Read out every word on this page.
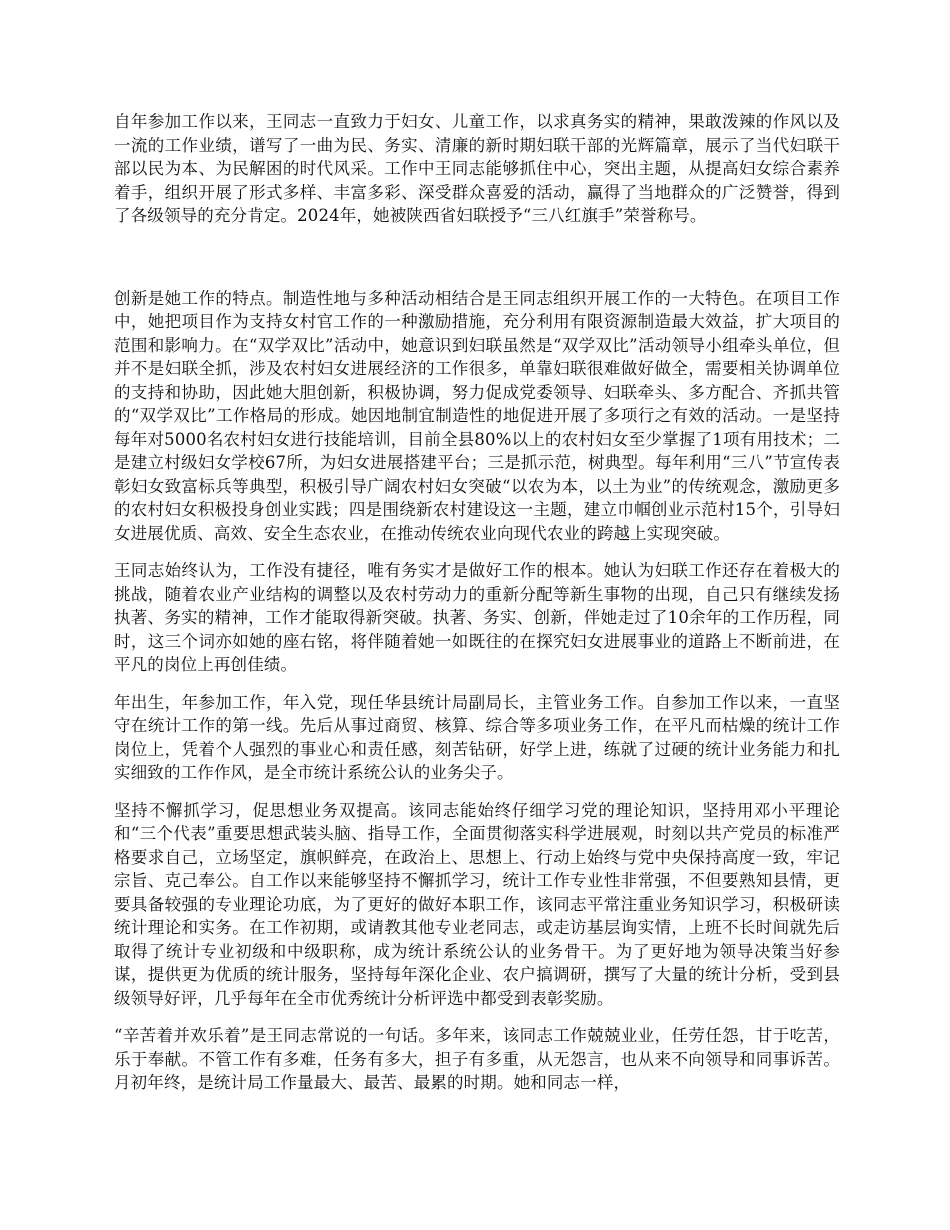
自年参加工作以来，王同志一直致力于妇女、儿童工作，以求真务实的精神，果敢泼辣的作风以及一流的工作业绩，谱写了一曲为民、务实、清廉的新时期妇联干部的光辉篇章，展示了当代妇联干部以民为本、为民解困的时代风采。工作中王同志能够抓住中心，突出主题，从提高妇女综合素养着手，组织开展了形式多样、丰富多彩、深受群众喜爱的活动，赢得了当地群众的广泛赞誉，得到了各级领导的充分肯定。2024年，她被陕西省妇联授予“三八红旗手”荣誉称号。

创新是她工作的特点。制造性地与多种活动相结合是王同志组织开展工作的一大特色。在项目工作中，她把项目作为支持女村官工作的一种激励措施，充分利用有限资源制造最大效益，扩大项目的范围和影响力。在“双学双比”活动中，她意识到妇联虽然是“双学双比”活动领导小组牵头单位，但并不是妇联全抓，涉及农村妇女进展经济的工作很多，单靠妇联很难做好做全，需要相关协调单位的支持和协助，因此她大胆创新，积极协调，努力促成党委领导、妇联牵头、多方配合、齐抓共管的“双学双比”工作格局的形成。她因地制宜制造性的地促进开展了多项行之有效的活动。一是坚持每年对5000名农村妇女进行技能培训，目前全县80%以上的农村妇女至少掌握了1项有用技术；二是建立村级妇女学校67所，为妇女进展搭建平台；三是抓示范，树典型。每年利用“三八”节宣传表彰妇女致富标兵等典型，积极引导广阔农村妇女突破“以农为本，以土为业”的传统观念，激励更多的农村妇女积极投身创业实践；四是围绕新农村建设这一主题，建立巾帼创业示范村15个，引导妇女进展优质、高效、安全生态农业，在推动传统农业向现代农业的跨越上实现突破。

王同志始终认为，工作没有捷径，唯有务实才是做好工作的根本。她认为妇联工作还存在着极大的挑战，随着农业产业结构的调整以及农村劳动力的重新分配等新生事物的出现，自己只有继续发扬执著、务实的精神，工作才能取得新突破。执著、务实、创新，伴她走过了10余年的工作历程，同时，这三个词亦如她的座右铭，将伴随着她一如既往的在探究妇女进展事业的道路上不断前进，在平凡的岗位上再创佳绩。

年出生，年参加工作，年入党，现任华县统计局副局长，主管业务工作。自参加工作以来，一直坚守在统计工作的第一线。先后从事过商贸、核算、综合等多项业务工作，在平凡而枯燥的统计工作岗位上，凭着个人强烈的事业心和责任感，刻苦钻研，好学上进，练就了过硬的统计业务能力和扎实细致的工作作风，是全市统计系统公认的业务尖子。

坚持不懈抓学习，促思想业务双提高。该同志能始终仔细学习党的理论知识，坚持用邓小平理论和“三个代表”重要思想武装头脑、指导工作，全面贯彻落实科学进展观，时刻以共产党员的标准严格要求自己，立场坚定，旗帜鲜亮，在政治上、思想上、行动上始终与党中央保持高度一致，牢记宗旨、克己奉公。自工作以来能够坚持不懈抓学习，统计工作专业性非常强，不但要熟知县情，更要具备较强的专业理论功底，为了更好的做好本职工作，该同志平常注重业务知识学习，积极研读统计理论和实务。在工作初期，或请教其他专业老同志，或走访基层询实情，上班不长时间就先后取得了统计专业初级和中级职称，成为统计系统公认的业务骨干。为了更好地为领导决策当好参谋，提供更为优质的统计服务，坚持每年深化企业、农户搞调研，撰写了大量的统计分析，受到县级领导好评，几乎每年在全市优秀统计分析评选中都受到表彰奖励。

“辛苦着并欢乐着”是王同志常说的一句话。多年来，该同志工作兢兢业业，任劳任怨，甘于吃苦，乐于奉献。不管工作有多难，任务有多大，担子有多重，从无怨言，也从来不向领导和同事诉苦。月初年终，是统计局工作量最大、最苦、最累的时期。她和同志一样，
